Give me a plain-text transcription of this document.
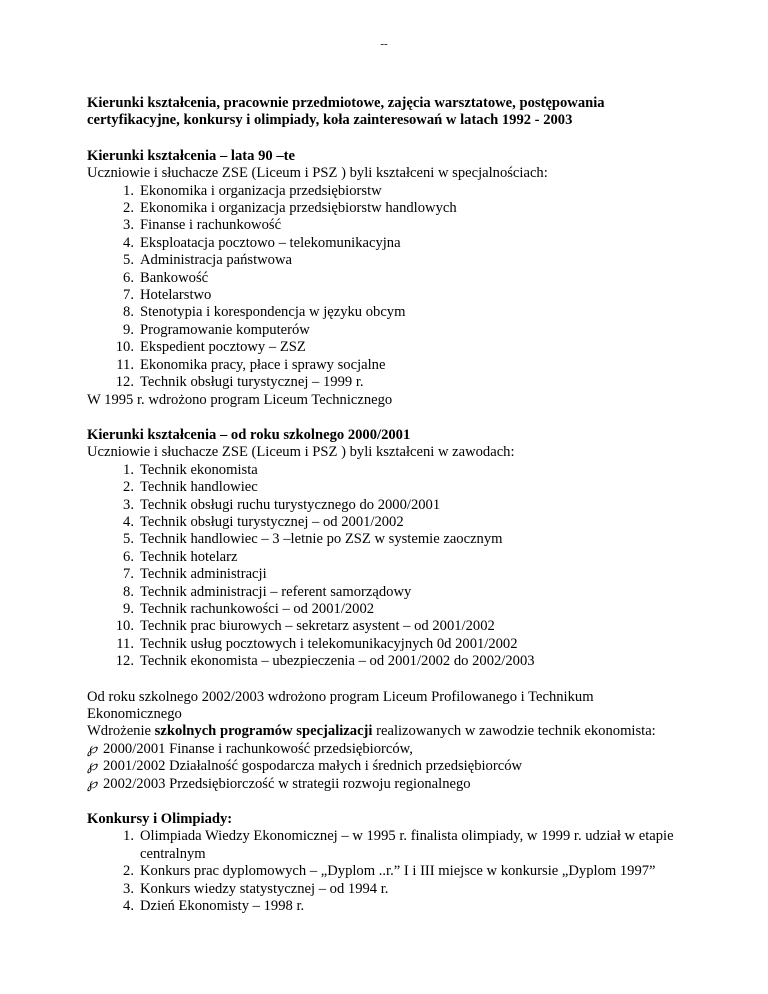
--

Kierunki kształcenia, pracownie przedmiotowe, zajęcia warsztatowe, postępowania certyfikacyjne, konkursy i olimpiady, koła zainteresowań w latach 1992 - 2003

Kierunki kształcenia – lata 90 –te

Uczniowie i słuchacze ZSE (Liceum i PSZ ) byli kształceni w specjalnościach:

1. Ekonomika i organizacja przedsiębiorstw
2. Ekonomika i organizacja przedsiębiorstw handlowych
3. Finanse i rachunkowość
4. Eksploatacja pocztowo – telekomunikacyjna
5. Administracja państwowa
6. Bankowość
7. Hotelarstwo
8. Stenotypia i korespondencja w języku obcym
9. Programowanie komputerów
10. Ekspedient pocztowy – ZSZ
11. Ekonomika pracy, płace i sprawy socjalne
12. Technik obsługi turystycznej – 1999 r.

W 1995 r. wdrożono program Liceum Technicznego

Kierunki kształcenia – od roku szkolnego 2000/2001

Uczniowie i słuchacze ZSE (Liceum i PSZ ) byli kształceni w zawodach:

1. Technik ekonomista
2. Technik handlowiec
3. Technik obsługi ruchu turystycznego do 2000/2001
4. Technik obsługi turystycznej – od 2001/2002
5. Technik handlowiec – 3 –letnie po ZSZ w systemie zaocznym
6. Technik hotelarz
7. Technik administracji
8. Technik administracji – referent samorządowy
9. Technik rachunkowości – od 2001/2002
10. Technik prac biurowych – sekretarz asystent – od 2001/2002
11. Technik usług pocztowych i telekomunikacyjnych 0d 2001/2002
12. Technik ekonomista – ubezpieczenia – od 2001/2002 do 2002/2003

Od roku szkolnego 2002/2003 wdrożono program Liceum Profilowanego i Technikum Ekonomicznego

Wdrożenie szkolnych programów specjalizacji realizowanych w zawodzie technik ekonomista:

℘ 2000/2001 Finanse i rachunkowość przedsiębiorców,
℘ 2001/2002 Działalność gospodarcza małych i średnich przedsiębiorców
℘ 2002/2003 Przedsiębiorczość w strategii rozwoju regionalnego

Konkursy i Olimpiady:

1. Olimpiada Wiedzy Ekonomicznej – w 1995 r. finalista olimpiady, w 1999 r. udział w etapie centralnym
2. Konkurs prac dyplomowych – „Dyplom ..r.” I i III miejsce w konkursie „Dyplom 1997”
3. Konkurs wiedzy statystycznej – od 1994 r.
4. Dzień Ekonomisty – 1998 r.
